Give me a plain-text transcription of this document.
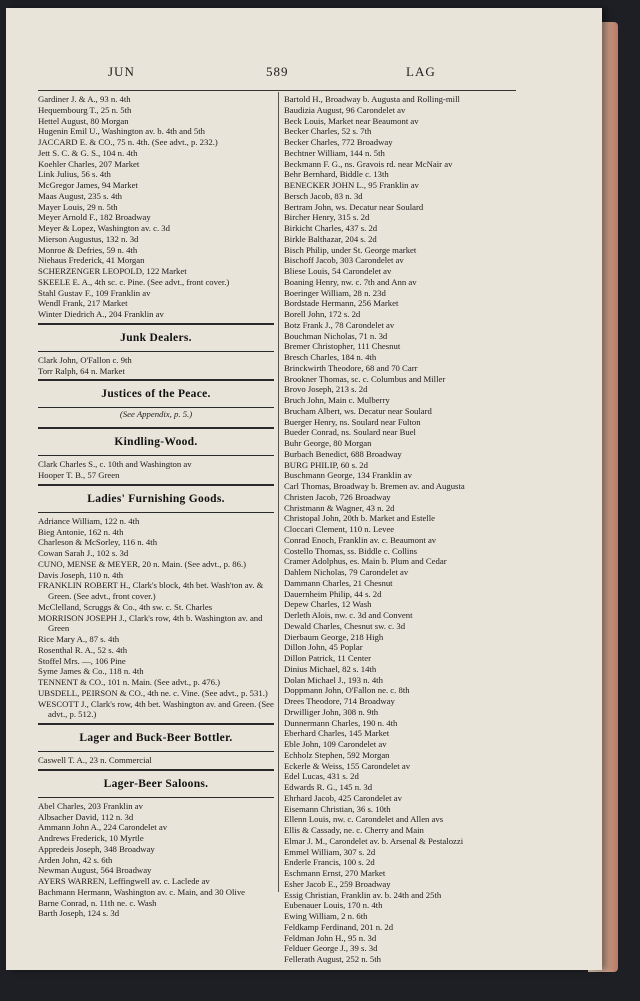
JUN	589	LAG
Gardiner J. & A., 93 n. 4th
Hequembourg T., 25 n. 5th
Hettel August, 80 Morgan
Hugenin Emil U., Washington av. b. 4th and 5th
JACCARD E. & CO., 75 n. 4th. (See advt., p. 232.)
Jett S. C. & G. S., 104 n. 4th
Koehler Charles, 207 Market
Link Julius, 56 s. 4th
McGregor James, 94 Market
Maas August, 235 s. 4th
Mayer Louis, 29 n. 5th
Meyer Arnold F., 182 Broadway
Meyer & Lopez, Washington av. c. 3d
Mierson Augustus, 132 n. 3d
Monroe & Defries, 59 n. 4th
Niehaus Frederick, 41 Morgan
SCHERZENGER LEOPOLD, 122 Market
SKEELE E. A., 4th sc. c. Pine. (See advt., front cover.)
Stahl Gustav F., 109 Franklin av
Wendl Frank, 217 Market
Winter Diedrich A., 204 Franklin av
Junk Dealers.
Clark John, O'Fallon c. 9th
Torr Ralph, 64 n. Market
Justices of the Peace.
(See Appendix, p. 5.)
Kindling-Wood.
Clark Charles S., c. 10th and Washington av
Hooper T. B., 57 Green
Ladies' Furnishing Goods.
Adriance William, 122 n. 4th
Bieg Antonie, 162 n. 4th
Charleson & McSorley, 116 n. 4th
Cowan Sarah J., 102 s. 3d
CUNO, MENSE & MEYER, 20 n. Main. (See advt., p. 86.)
Davis Joseph, 110 n. 4th
FRANKLIN ROBERT H., Clark's block, 4th bet. Wash'ton av. & Green. (See advt., front cover.)
McClelland, Scruggs & Co., 4th sw. c. St. Charles
MORRISON JOSEPH J., Clark's row, 4th b. Washington av. and Green
Rice Mary A., 87 s. 4th
Rosenthal R. A., 52 s. 4th
Stoffel Mrs. —, 106 Pine
Syme James & Co., 118 n. 4th
TENNENT & CO., 101 n. Main. (See advt., p. 476.)
UBSDELL, PEIRSON & CO., 4th ne. c. Vine. (See advt., p. 531.)
WESCOTT J., Clark's row, 4th bet. Washington av. and Green. (See advt., p. 512.)
Lager and Buck-Beer Bottler.
Caswell T. A., 23 n. Commercial
Lager-Beer Saloons.
Abel Charles, 203 Franklin av
Albsacher David, 112 n. 3d
Ammann John A., 224 Carondelet av
Andrews Frederick, 10 Myrtle
Appredeis Joseph, 348 Broadway
Arden John, 42 s. 6th
Newman August, 564 Broadway
AYERS WARREN, Leffingwell av. c. Laclede av
Bachmann Hermann, Washington av. c. Main, and 30 Olive
Barne Conrad, n. 11th ne. c. Wash
Barth Joseph, 124 s. 3d
Bartold H., Broadway b. Augusta and Rolling-mill
Baudizia August, 96 Carondelet av
Beck Louis, Market near Beaumont av
Becker Charles, 52 s. 7th
Becker Charles, 772 Broadway
Bechtner William, 144 n. 5th
Beckmann F. G., ns. Gravois rd. near McNair av
Behr Bernhard, Biddle c. 13th
BENECKER JOHN L., 95 Franklin av
Bersch Jacob, 83 n. 3d
Bertram John, ws. Decatur near Soulard
Bircher Henry, 315 s. 2d
Birkicht Charles, 437 s. 2d
Birkle Balthazar, 204 s. 2d
Bisch Philip, under St. George market
Bischoff Jacob, 303 Carondelet av
Bliese Louis, 54 Carondelet av
Boaning Henry, nw. c. 7th and Ann av
Boeringer William, 28 n. 23d
Bordstade Hermann, 256 Market
Borell John, 172 s. 2d
Botz Frank J., 78 Carondelet av
Bouchman Nicholas, 71 n. 3d
Bremer Christopher, 111 Chesnut
Bresch Charles, 184 n. 4th
Brinckwirth Theodore, 68 and 70 Carr
Brookner Thomas, sc. c. Columbus and Miller
Brovo Joseph, 213 s. 2d
Bruch John, Main c. Mulberry
Brucham Albert, ws. Decatur near Soulard
Buerger Henry, ns. Soulard near Fulton
Bueder Conrad, ns. Soulard near Buel
Buhr George, 80 Morgan
Burbach Benedict, 688 Broadway
BURG PHILIP, 60 s. 2d
Buschmann George, 134 Franklin av
Carl Thomas, Broadway b. Bremen av. and Augusta
Christen Jacob, 726 Broadway
Christmann & Wagner, 43 n. 2d
Christopal John, 20th b. Market and Estelle
Cloccari Clement, 110 n. Levee
Conrad Enoch, Franklin av. c. Beaumont av
Costello Thomas, ss. Biddle c. Collins
Cramer Adolphus, es. Main b. Plum and Cedar
Dahlem Nicholas, 79 Carondelet av
Dammann Charles, 21 Chesnut
Dauernheim Philip, 44 s. 2d
Depew Charles, 12 Wash
Derleth Alois, nw. c. 3d and Convent
Dewald Charles, Chesnut sw. c. 3d
Dierbaum George, 218 High
Dillon John, 45 Poplar
Dillon Patrick, 11 Center
Dinius Michael, 82 s. 14th
Dolan Michael J., 193 n. 4th
Doppmann John, O'Fallon ne. c. 8th
Drees Theodore, 714 Broadway
Drwilliger John, 308 n. 9th
Dunnermann Charles, 190 n. 4th
Eberhard Charles, 145 Market
Eble John, 109 Carondelet av
Echholz Stephen, 592 Morgan
Eckerle & Weiss, 155 Carondelet av
Edel Lucas, 431 s. 2d
Edwards R. G., 145 n. 3d
Ehrhard Jacob, 425 Carondelet av
Eisemann Christian, 36 s. 10th
Ellenn Louis, nw. c. Carondelet and Allen avs
Ellis & Cassady, ne. c. Cherry and Main
Elmar J. M., Carondelet av. b. Arsenal & Pestalozzi
Emmel William, 307 s. 2d
Enderle Francis, 100 s. 2d
Eschmann Ernst, 270 Market
Esher Jacob E., 259 Broadway
Essig Christian, Franklin av. b. 24th and 25th
Eubenauer Louis, 170 n. 4th
Ewing William, 2 n. 6th
Feldkamp Ferdinand, 201 n. 2d
Feldman John H., 95 n. 3d
Felduer George J., 39 s. 3d
Fellerath August, 252 n. 5th
